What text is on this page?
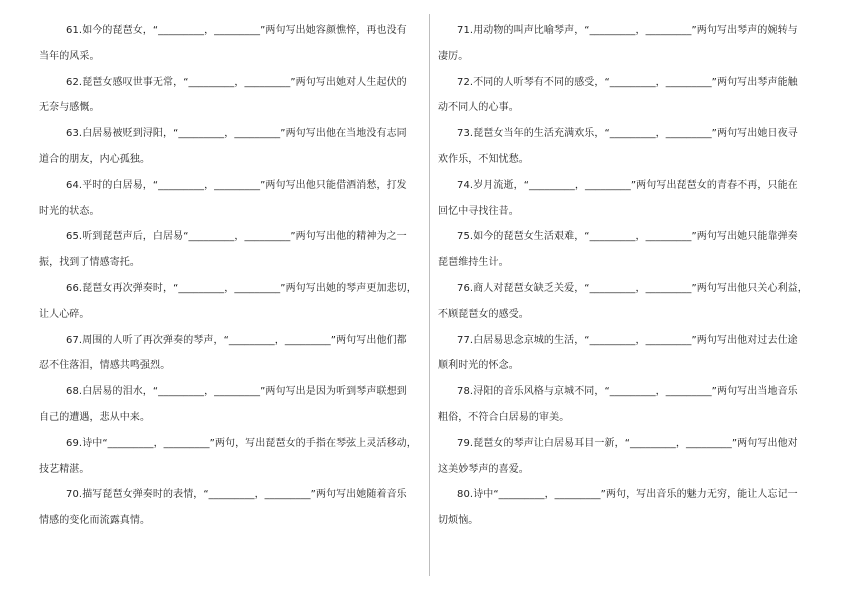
61.如今的琵琶女，“_________，_________”两句写出她容颜憔悴，再也没有
当年的风采。
62.琵琶女感叹世事无常，“_________，_________”两句写出她对人生起伏的
无奈与感慨。
63.白居易被贬到浔阳，“_________，_________”两句写出他在当地没有志同
道合的朋友，内心孤独。
64.平时的白居易，“_________，_________”两句写出他只能借酒消愁，打发
时光的状态。
65.听到琵琶声后，白居易“_________，_________”两句写出他的精神为之一
振，找到了情感寄托。
66.琵琶女再次弹奏时，“_________，_________”两句写出她的琴声更加悲切，
让人心碎。
67.周围的人听了再次弹奏的琴声，“_________，_________”两句写出他们都
忍不住落泪，情感共鸣强烈。
68.白居易的泪水，“_________，_________”两句写出是因为听到琴声联想到
自己的遭遇，悲从中来。
69.诗中“_________，_________”两句，写出琵琶女的手指在琴弦上灵活移动，
技艺精湛。
70.描写琵琶女弹奏时的表情，“_________，_________”两句写出她随着音乐
情感的变化而流露真情。
71.用动物的叫声比喻琴声，“_________，_________”两句写出琴声的婉转与
凄厉。
72.不同的人听琴有不同的感受，“_________，_________”两句写出琴声能触
动不同人的心事。
73.琵琶女当年的生活充满欢乐，“_________，_________”两句写出她日夜寻
欢作乐，不知忧愁。
74.岁月流逝，“_________，_________”两句写出琵琶女的青春不再，只能在
回忆中寻找往昔。
75.如今的琵琶女生活艰难，“_________，_________”两句写出她只能靠弹奏
琵琶维持生计。
76.商人对琵琶女缺乏关爱，“_________，_________”两句写出他只关心利益，
不顾琵琶女的感受。
77.白居易思念京城的生活，“_________，_________”两句写出他对过去仕途
顺利时光的怀念。
78.浔阳的音乐风格与京城不同，“_________，_________”两句写出当地音乐
粗俗，不符合白居易的审美。
79.琵琶女的琴声让白居易耳目一新，“_________，_________”两句写出他对
这美妙琴声的喜爱。
80.诗中“_________，_________”两句，写出音乐的魅力无穷，能让人忘记一
切烦恼。
